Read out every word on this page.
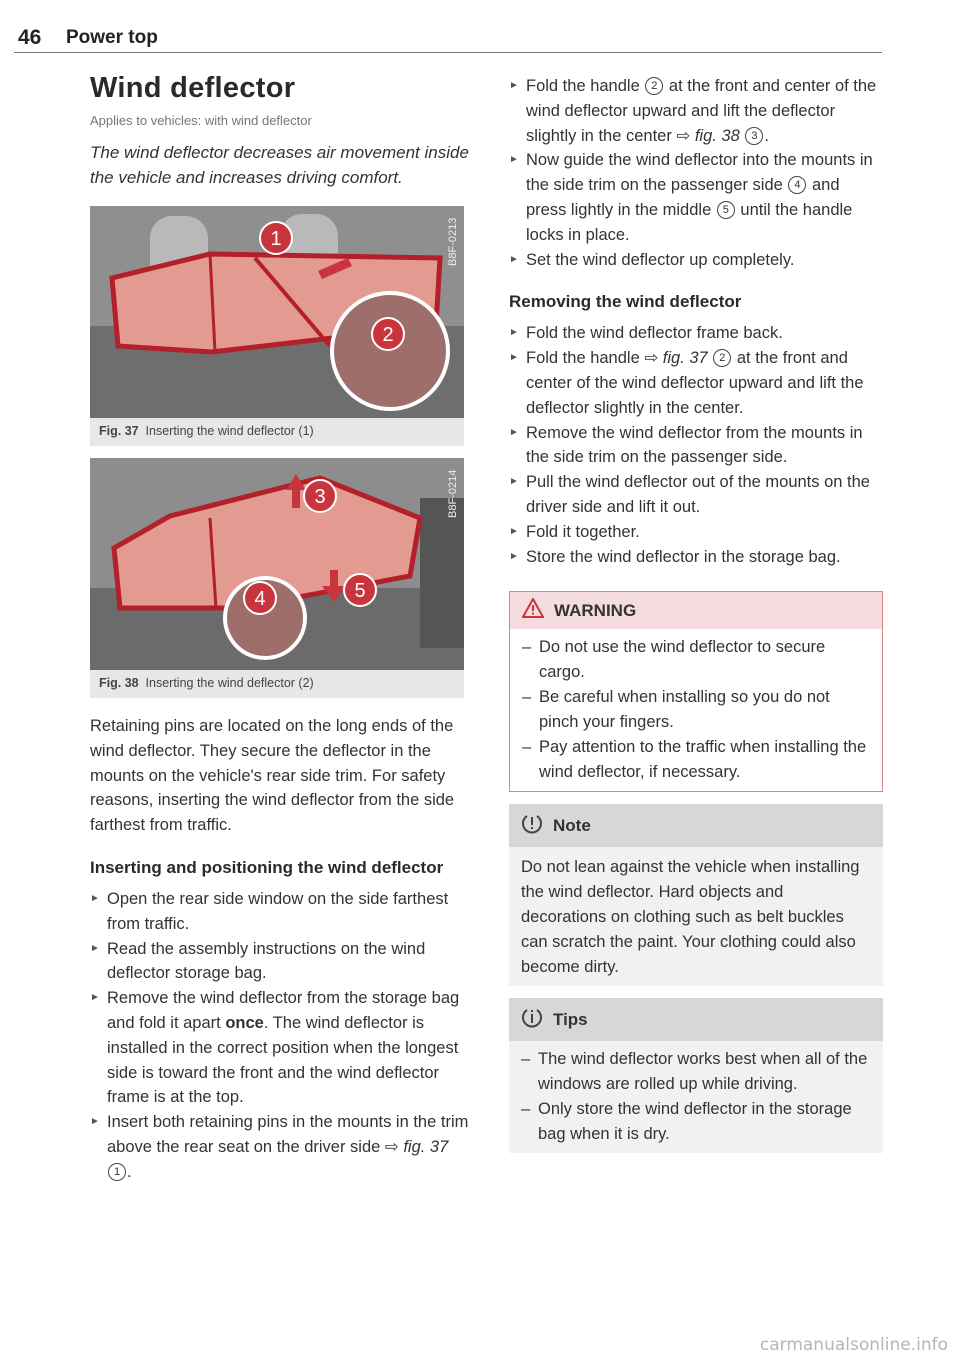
46 Power top
Wind deflector
Applies to vehicles: with wind deflector

The wind deflector decreases air movement inside the vehicle and increases driving comfort.

1
2
B8F-0213
Fig. 37 Inserting the wind deflector (1)
3
4	5
B8F-0214
Fig. 38 Inserting the wind deflector (2)

Retaining pins are located on the long ends of the wind deflector. They secure the deflector in the mounts on the vehicle's rear side trim. For safety reasons, inserting the wind deflector from the side farthest from traffic.

Inserting and positioning the wind deflector
► Open the rear side window on the side farthest from traffic.
► Read the assembly instructions on the wind deflector storage bag.
► Remove the wind deflector from the storage bag and fold it apart once. The wind deflector is installed in the correct position when the longest side is toward the front and the wind deflector frame is at the top.
► Insert both retaining pins in the mounts in the trim above the rear seat on the driver side ⇨ fig. 37 1 .
► Fold the handle 2 at the front and center of the wind deflector upward and lift the deflector slightly in the center ⇨ fig. 38 3 .
► Now guide the wind deflector into the mounts in the side trim on the passenger side 4 and press lightly in the middle 5 until the handle locks in place.
► Set the wind deflector up completely.
Removing the wind deflector
► Fold the wind deflector frame back.
► Fold the handle ⇨ fig. 37 2 at the front and center of the wind deflector upward and lift the deflector slightly in the center.
► Remove the wind deflector from the mounts in the side trim on the passenger side.
► Pull the wind deflector out of the mounts on the driver side and lift it out.
► Fold it together.
► Store the wind deflector in the storage bag.
WARNING
– Do not use the wind deflector to secure cargo.
– Be careful when installing so you do not pinch your fingers.
– Pay attention to the traffic when installing the wind deflector, if necessary.
Note
Do not lean against the vehicle when installing the wind deflector. Hard objects and decorations on clothing such as belt buckles can scratch the paint. Your clothing could also become dirty.
Tips
– The wind deflector works best when all of the windows are rolled up while driving.
– Only store the wind deflector in the storage bag when it is dry.
carmanualsonline.info
